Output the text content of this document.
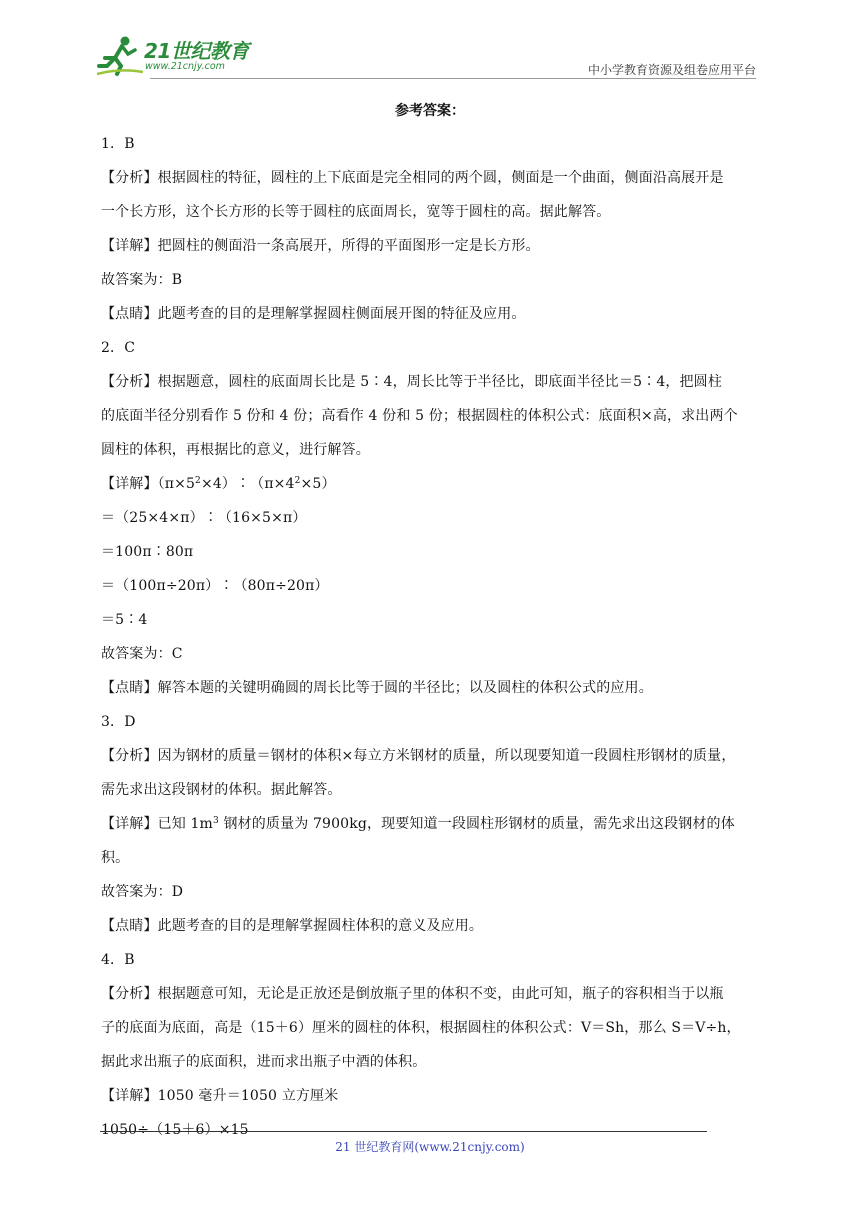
21世纪教育
www.21cnjy.com	中小学教育资源及组卷应用平台
参考答案：
1．B
【分析】根据圆柱的特征，圆柱的上下底面是完全相同的两个圆，侧面是一个曲面，侧面沿高展开是
一个长方形，这个长方形的长等于圆柱的底面周长，宽等于圆柱的高。据此解答。
【详解】把圆柱的侧面沿一条高展开，所得的平面图形一定是长方形。
故答案为：B
【点睛】此题考查的目的是理解掌握圆柱侧面展开图的特征及应用。
2．C
【分析】根据题意，圆柱的底面周长比是 5∶4，周长比等于半径比，即底面半径比＝5∶4，把圆柱
的底面半径分别看作 5 份和 4 份；高看作 4 份和 5 份；根据圆柱的体积公式：底面积×高，求出两个
圆柱的体积，再根据比的意义，进行解答。
【详解】$(\pi\times 5^2\times 4)∶(\pi\times 4^2\times 5)$
＝（25×4×π）∶（16×5×π）
＝100π∶80π
＝（100π÷20π）∶（80π÷20π）
＝5∶4
故答案为：C
【点睛】解答本题的关键明确圆的周长比等于圆的半径比；以及圆柱的体积公式的应用。
3．D
【分析】因为钢材的质量＝钢材的体积×每立方米钢材的质量，所以现要知道一段圆柱形钢材的质量，
需先求出这段钢材的体积。据此解答。
【详解】已知 $1m^3$ 钢材的质量为 7900kg，现要知道一段圆柱形钢材的质量，需先求出这段钢材的体
积。
故答案为：D
【点睛】此题考查的目的是理解掌握圆柱体积的意义及应用。
4．B
【分析】根据题意可知，无论是正放还是倒放瓶子里的体积不变，由此可知，瓶子的容积相当于以瓶
子的底面为底面，高是（15＋6）厘米的圆柱的体积，根据圆柱的体积公式：V＝Sh，那么 S＝V÷h，
据此求出瓶子的底面积，进而求出瓶子中酒的体积。
【详解】1050 毫升＝1050 立方厘米
1050÷（15＋6）×15
21 世纪教育网(www.21cnjy.com)
